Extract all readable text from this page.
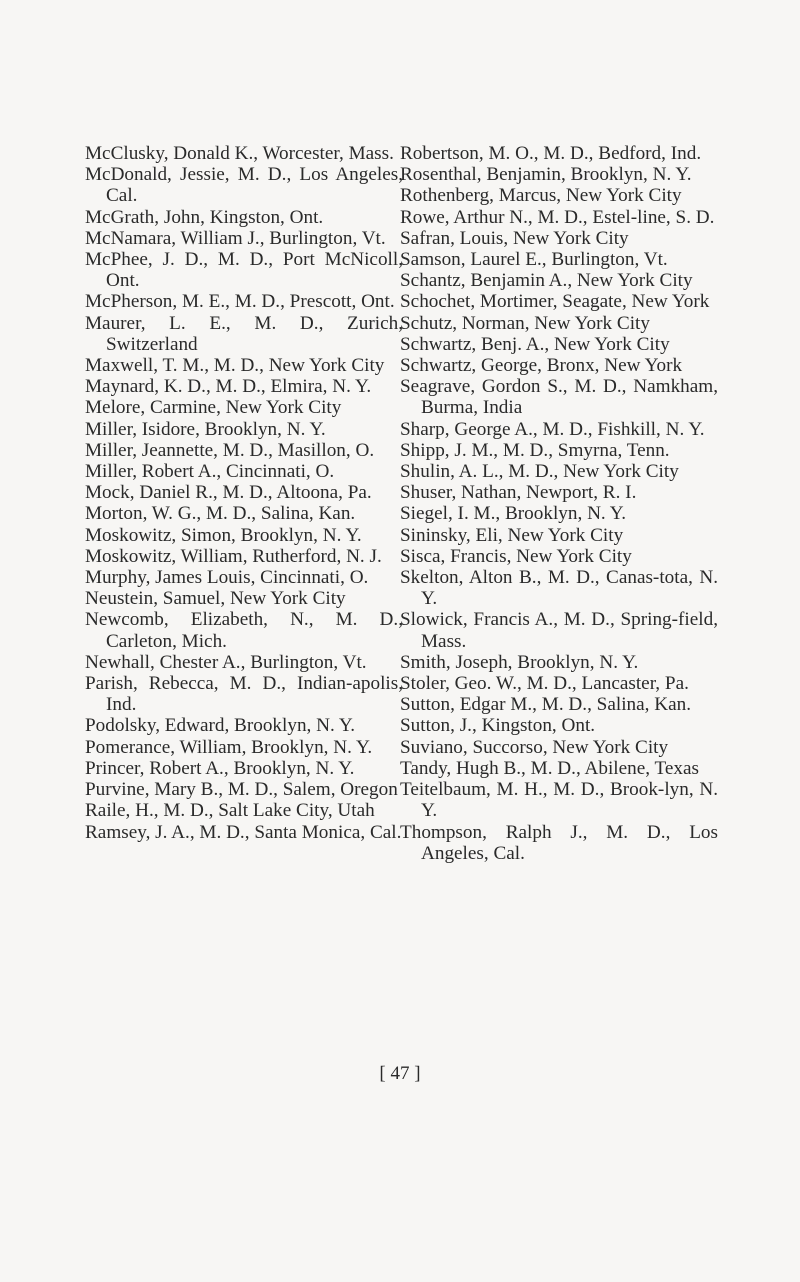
McClusky, Donald K., Worcester, Mass.

McDonald, Jessie, M. D., Los Angeles, Cal.

McGrath, John, Kingston, Ont.

McNamara, William J., Burlington, Vt.

McPhee, J. D., M. D., Port McNicoll, Ont.

McPherson, M. E., M. D., Prescott, Ont.

Maurer, L. E., M. D., Zurich, Switzerland

Maxwell, T. M., M. D., New York City

Maynard, K. D., M. D., Elmira, N. Y.

Melore, Carmine, New York City

Miller, Isidore, Brooklyn, N. Y.

Miller, Jeannette, M. D., Masillon, O.

Miller, Robert A., Cincinnati, O.

Mock, Daniel R., M. D., Altoona, Pa.

Morton, W. G., M. D., Salina, Kan.

Moskowitz, Simon, Brooklyn, N. Y.

Moskowitz, William, Rutherford, N. J.

Murphy, James Louis, Cincinnati, O.

Neustein, Samuel, New York City

Newcomb, Elizabeth, N., M. D., Carleton, Mich.

Newhall, Chester A., Burlington, Vt.

Parish, Rebecca, M. D., Indian-apolis, Ind.

Podolsky, Edward, Brooklyn, N. Y.

Pomerance, William, Brooklyn, N. Y.

Princer, Robert A., Brooklyn, N. Y.

Purvine, Mary B., M. D., Salem, Oregon

Raile, H., M. D., Salt Lake City, Utah

Ramsey, J. A., M. D., Santa Monica, Cal.

Robertson, M. O., M. D., Bedford, Ind.

Rosenthal, Benjamin, Brooklyn, N. Y.

Rothenberg, Marcus, New York City

Rowe, Arthur N., M. D., Estel-line, S. D.

Safran, Louis, New York City

Samson, Laurel E., Burlington, Vt.

Schantz, Benjamin A., New York City

Schochet, Mortimer, Seagate, New York

Schutz, Norman, New York City

Schwartz, Benj. A., New York City

Schwartz, George, Bronx, New York

Seagrave, Gordon S., M. D., Namkham, Burma, India

Sharp, George A., M. D., Fishkill, N. Y.

Shipp, J. M., M. D., Smyrna, Tenn.

Shulin, A. L., M. D., New York City

Shuser, Nathan, Newport, R. I.

Siegel, I. M., Brooklyn, N. Y.

Sininsky, Eli, New York City

Sisca, Francis, New York City

Skelton, Alton B., M. D., Canas-tota, N. Y.

Slowick, Francis A., M. D., Spring-field, Mass.

Smith, Joseph, Brooklyn, N. Y.

Stoler, Geo. W., M. D., Lancaster, Pa.

Sutton, Edgar M., M. D., Salina, Kan.

Sutton, J., Kingston, Ont.

Suviano, Succorso, New York City

Tandy, Hugh B., M. D., Abilene, Texas

Teitelbaum, M. H., M. D., Brook-lyn, N. Y.

Thompson, Ralph J., M. D., Los Angeles, Cal.

[ 47 ]
